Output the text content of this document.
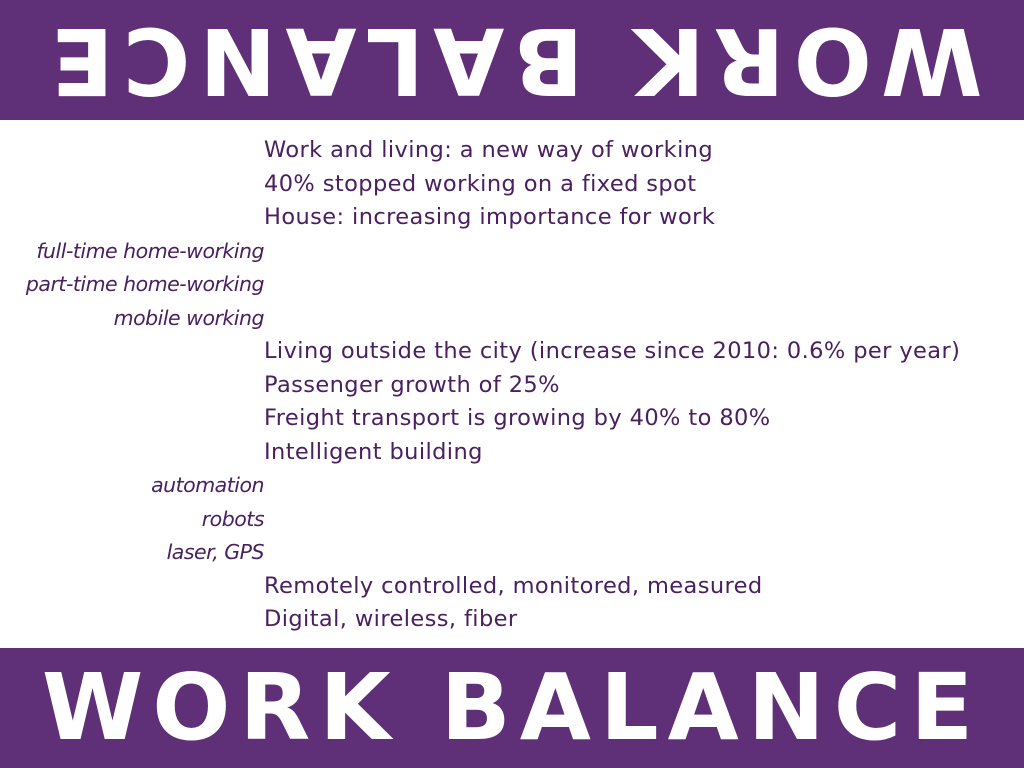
WORK BALANCE
Work and living: a new way of working
40% stopped working on a fixed spot
House: increasing importance for work
full-time home-working
part-time home-working
mobile working
Living outside the city (increase since 2010: 0.6% per year)
Passenger growth of 25%
Freight transport is growing by 40% to 80%
Intelligent building
automation
robots
laser, GPS
Remotely controlled, monitored, measured
Digital, wireless, fiber
WORK BALANCE
